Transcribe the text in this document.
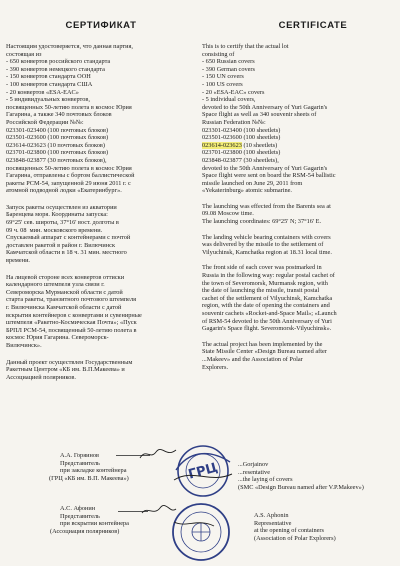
СЕРТИФИКАТ
Настоящим удостоверяется, что данная партия,
состоящая из
- 650 конвертов российского стандарта
- 390 конвертов немецкого стандарта
- 150 конвертов стандарта ООН
- 100 конвертов стандарта США
- 20 конвертов «ESA-EAC»
- 5 индивидуальных конвертов,
посвященных 50-летию полета в космос Юрия
Гагарина, а также 340 почтовых блоков
Российской Федерации №№:
023301-023400 (100 почтовых блоков)
023501-023600 (100 почтовых блоков)
023614-023623 (10 почтовых блоков)
023701-023800 (100 почтовых блоков)
023848-023877 (30 почтовых блоков),
посвященных 50-летию полета в космос Юрия
Гагарина, отправлены с бортом баллистической
ракеты РСМ-54, запущенной 29 июня 2011 г. с
атомной подводной лодки «Екатеринбург».
Запуск ракеты осуществлен из акватории
Баренцева моря. Координаты запуска:
69°25' сев. широты, 37°16' вост. долготы в
09 ч. 08  мин. московского времени.
Спускаемый аппарат с контейнерами с почтой
доставлен ракетой в район г. Вилючинск
Камчатской области в 18 ч. 31 мин. местного
времени.
На лицевой стороне всех конвертов оттиски
календарного штемпеля узла связи г.
Североморска Мурманской области с датой
старта ракеты, транзитного почтового штемпеля
г. Вилючинска Камчатской области с датой
вскрытия контейнеров с конвертами и сувенирные
штемпеля «Ракетно-Космическая Почта»; «Пуск
БРПЛ РСМ-54, посвященный 50-летию полета в
космос Юрия Гагарина. Североморск-
Вилючинск».
Данный проект осуществлен Государственным
Ракетным Центром «КБ им. В.П.Макеева» и
Ассоциацией полярников.
А.А. Горяинов
Представитель
при закладке контейнера
(ГРЦ «КБ им. В.П. Макеева»)
А.С. Афонин
Представитель
при вскрытии контейнера
(Ассоциация полярников)
CERTIFICATE
This is to certify that the actual lot
consisting of
- 650 Russian covers
- 390 German covers
- 150 UN covers
- 100 US covers
- 20 «ESA-EAC» covers
- 5 individual covers,
devoted to the 50th Anniversary of Yuri Gagarin's
Space flight as well as 340 souvenir sheets of
Russian Federation №№:
023301-023400 (100 sheetlets)
023501-023600 (100 sheetlets)
023614-023623 (10 sheetlets)
023701-023800 (100 sheetlets)
023848-023877 (30 sheetlets),
devoted to the 50th Anniversary of Yuri Gagarin's
Space flight were sent on board the RSM-54 ballistic
missile launched on June 29, 2011 from
«Yekaterinburg» atomic submarine.
The launching was effected from the Barents sea at
09.08 Moscow time.
The launching coordinates: 69°25' N; 37°16' E.
The landing vehicle bearing containers with covers
was delivered by the missile to the settlement of
Vilyuchinsk, Kamchatka region at 18.31 local time.
The front side of each cover was postmarked in
Russia in the following way: regular postal cachet of
the town of Severomorsk, Murmansk region, with
the date of launching the missile, transit postal
cachet of the settlement of Vilyuchinsk, Kamchatka
region, with the date of opening the containers and
souvenir cachets «Rocket-and-Space Mail»; «Launch
of RSM-54 devoted to the 50th Anniversary of Yuri
Gagarin's Space flight. Severomorsk-Vilyuchinsk».
The actual project has been implemented by the
State Missile Center «Design Bureau named after
...Makeev» and the Association of Polar
Explorers.
...Gorjainov
...resentative
...the laying of covers
(SMC «Design Bureau named after V.P.Makeev»)
A.S. Aphonin
Representative
at the opening of containers
(Association of Polar Explorers)
ГРЦ
